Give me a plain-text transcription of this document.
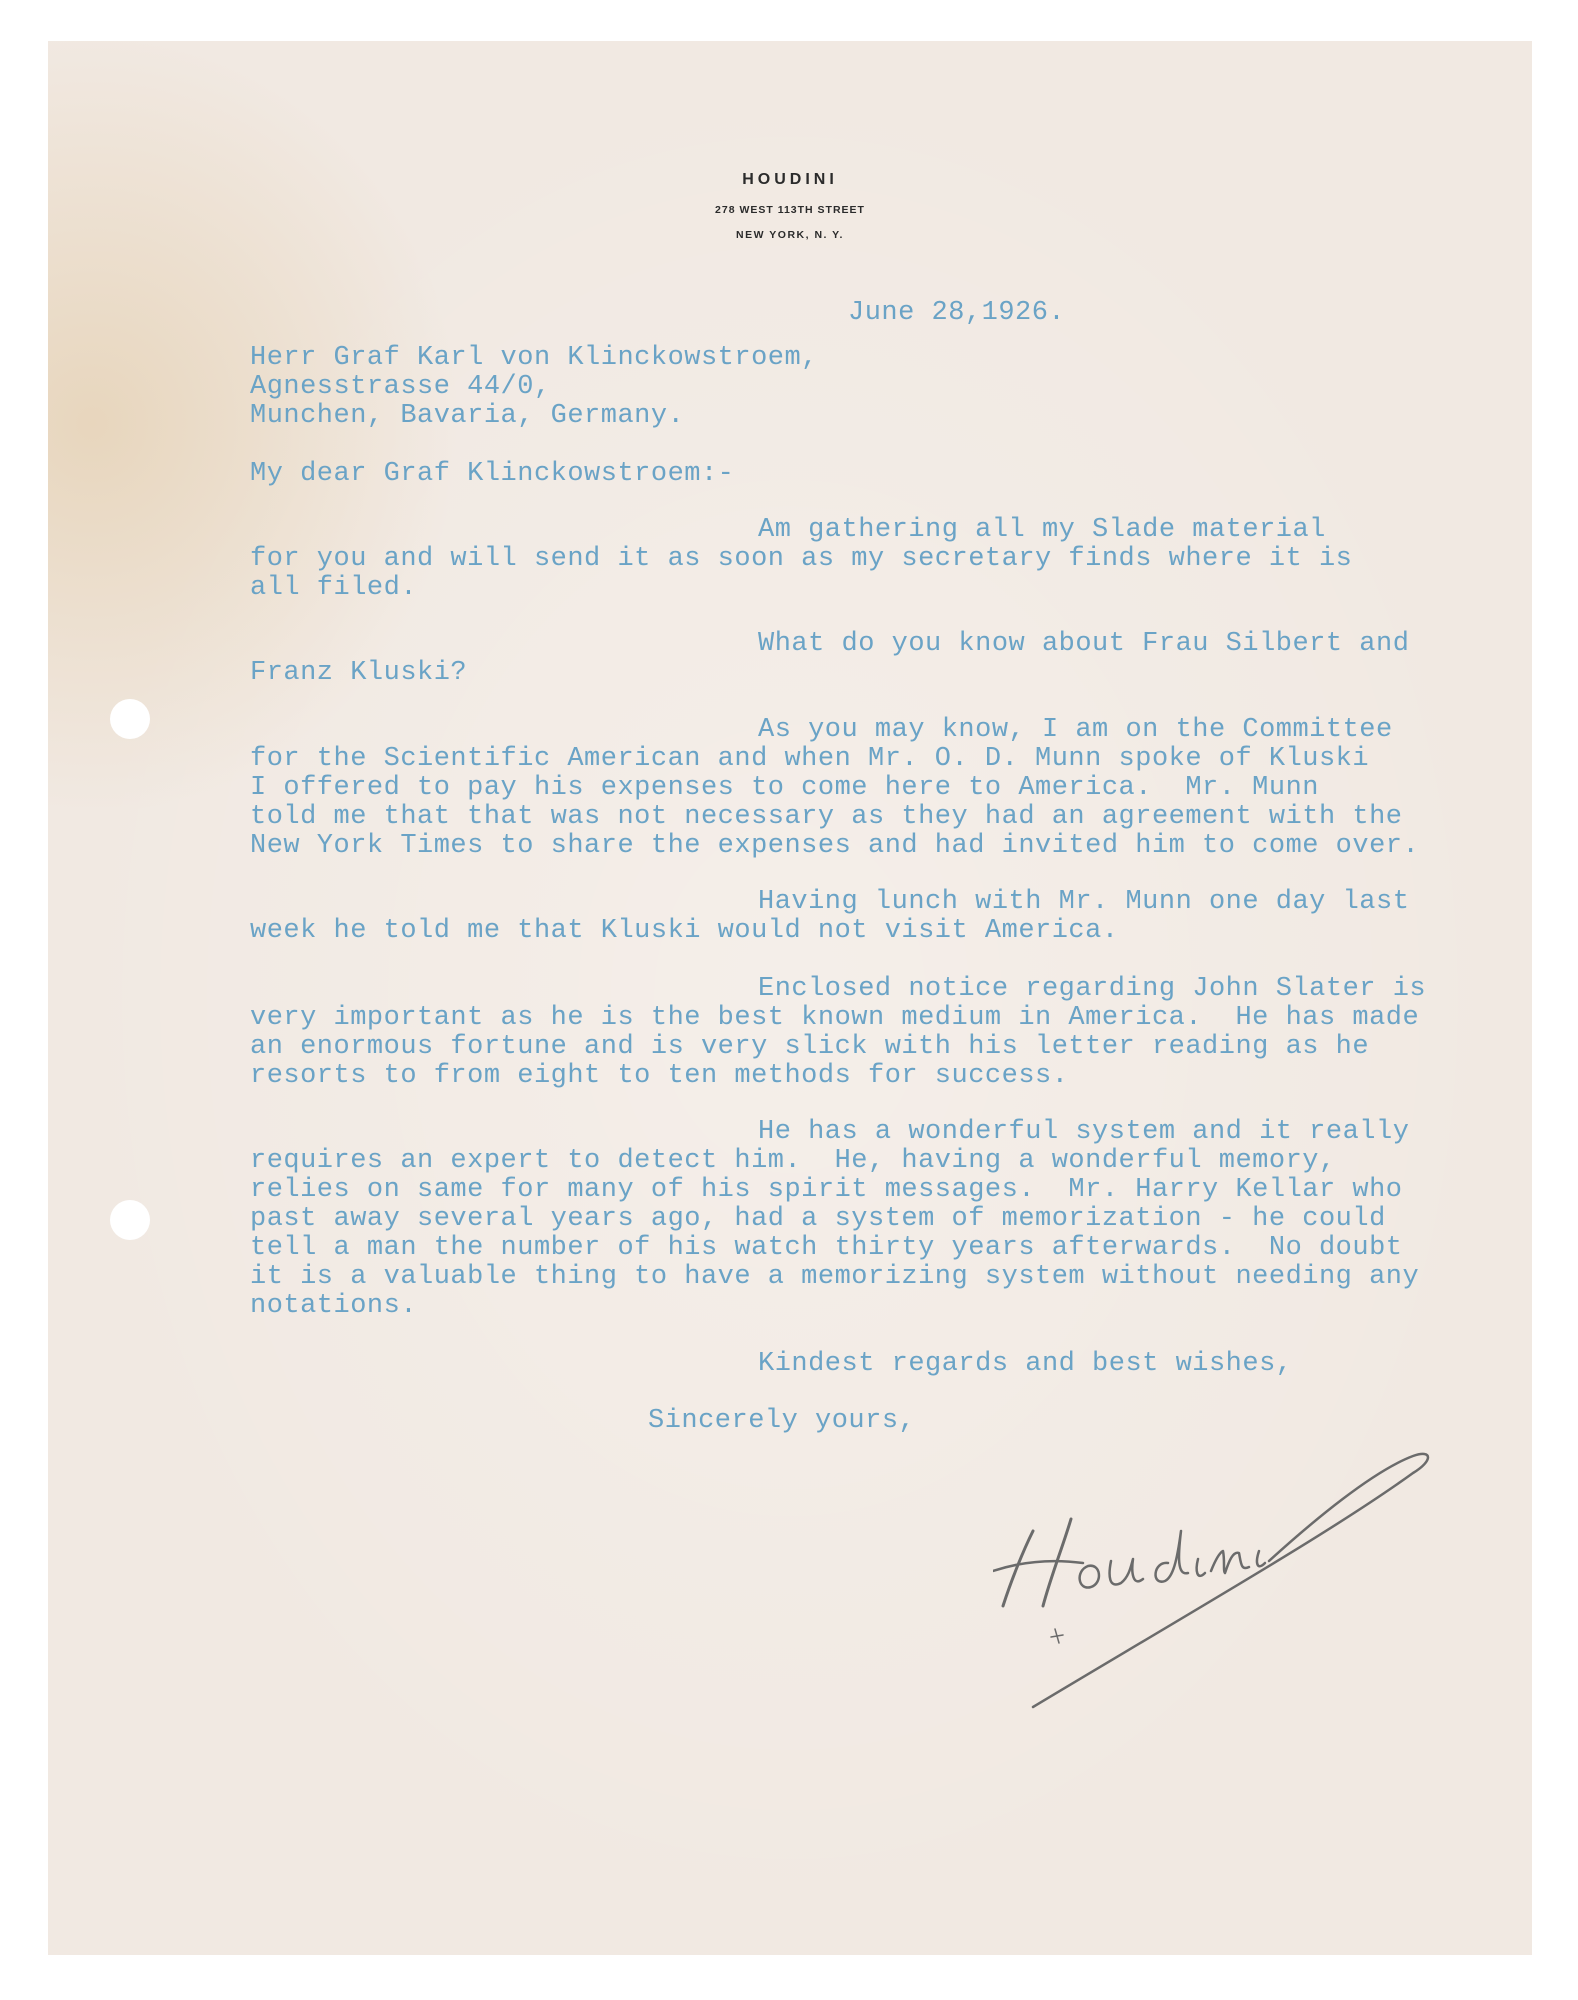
HOUDINI
278 WEST 113TH STREET
NEW YORK, N. Y.
June 28,1926.
Herr Graf Karl von Klinckowstroem,
Agnesstrasse 44/0,
Munchen, Bavaria, Germany.
My dear Graf Klinckowstroem:-
Am gathering all my Slade material
for you and will send it as soon as my secretary finds where it is
all filed.
What do you know about Frau Silbert and
Franz Kluski?
As you may know, I am on the Committee
for the Scientific American and when Mr. O. D. Munn spoke of Kluski
I offered to pay his expenses to come here to America.  Mr. Munn
told me that that was not necessary as they had an agreement with the
New York Times to share the expenses and had invited him to come over.
Having lunch with Mr. Munn one day last
week he told me that Kluski would not visit America.
Enclosed notice regarding John Slater is
very important as he is the best known medium in America.  He has made
an enormous fortune and is very slick with his letter reading as he
resorts to from eight to ten methods for success.
He has a wonderful system and it really
requires an expert to detect him.  He, having a wonderful memory,
relies on same for many of his spirit messages.  Mr. Harry Kellar who
past away several years ago, had a system of memorization - he could
tell a man the number of his watch thirty years afterwards.  No doubt
it is a valuable thing to have a memorizing system without needing any
notations.
Kindest regards and best wishes,
Sincerely yours,
